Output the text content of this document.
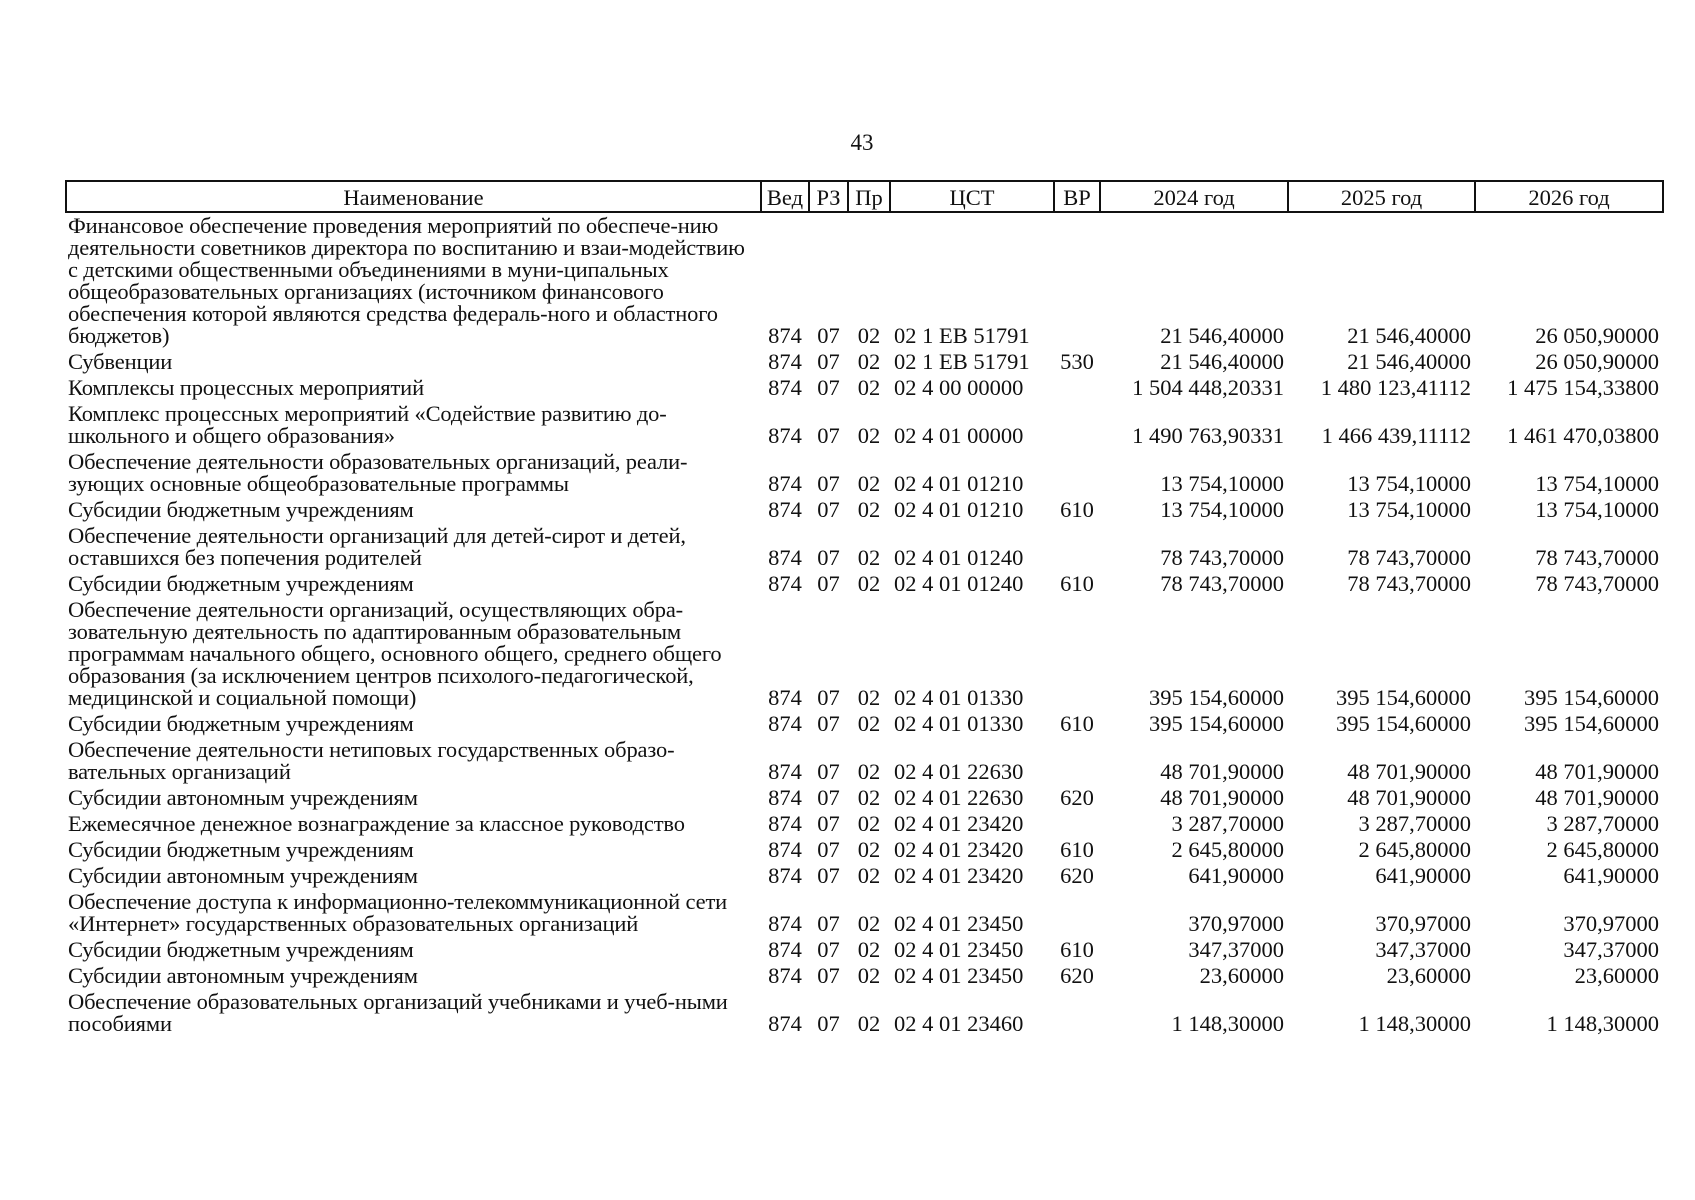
43
Наименование	Вед	РЗ	Пр	ЦСТ	ВР	2024 год	2025 год	2026 год
Финансовое обеспечение проведения мероприятий по обеспече-нию деятельности советников директора по воспитанию и взаи-модействию с детскими общественными объединениями в муни-ципальных общеобразовательных организациях (источником финансового обеспечения которой являются средства федераль-ного и областного бюджетов)	874	07	02	02 1 EВ 51791		21 546,40000	21 546,40000	26 050,90000
Субвенции	874	07	02	02 1 EВ 51791	530	21 546,40000	21 546,40000	26 050,90000
Комплексы процессных мероприятий	874	07	02	02 4 00 00000		1 504 448,20331	1 480 123,41112	1 475 154,33800
Комплекс процессных мероприятий «Содействие развитию до-школьного и общего образования»	874	07	02	02 4 01 00000		1 490 763,90331	1 466 439,11112	1 461 470,03800
Обеспечение деятельности образовательных организаций, реали-зующих основные общеобразовательные программы	874	07	02	02 4 01 01210		13 754,10000	13 754,10000	13 754,10000
Субсидии бюджетным учреждениям	874	07	02	02 4 01 01210	610	13 754,10000	13 754,10000	13 754,10000
Обеспечение деятельности организаций для детей-сирот и детей, оставшихся без попечения родителей	874	07	02	02 4 01 01240		78 743,70000	78 743,70000	78 743,70000
Субсидии бюджетным учреждениям	874	07	02	02 4 01 01240	610	78 743,70000	78 743,70000	78 743,70000
Обеспечение деятельности организаций, осуществляющих обра-зовательную деятельность по адаптированным образовательным программам начального общего, основного общего, среднего общего образования (за исключением центров психолого-педагогической, медицинской и социальной помощи)	874	07	02	02 4 01 01330		395 154,60000	395 154,60000	395 154,60000
Субсидии бюджетным учреждениям	874	07	02	02 4 01 01330	610	395 154,60000	395 154,60000	395 154,60000
Обеспечение деятельности нетиповых государственных образо-вательных организаций	874	07	02	02 4 01 22630		48 701,90000	48 701,90000	48 701,90000
Субсидии автономным учреждениям	874	07	02	02 4 01 22630	620	48 701,90000	48 701,90000	48 701,90000
Ежемесячное денежное вознаграждение за классное руководство	874	07	02	02 4 01 23420		3 287,70000	3 287,70000	3 287,70000
Субсидии бюджетным учреждениям	874	07	02	02 4 01 23420	610	2 645,80000	2 645,80000	2 645,80000
Субсидии автономным учреждениям	874	07	02	02 4 01 23420	620	641,90000	641,90000	641,90000
Обеспечение доступа к информационно-телекоммуникационной сети «Интернет» государственных образовательных организаций	874	07	02	02 4 01 23450		370,97000	370,97000	370,97000
Субсидии бюджетным учреждениям	874	07	02	02 4 01 23450	610	347,37000	347,37000	347,37000
Субсидии автономным учреждениям	874	07	02	02 4 01 23450	620	23,60000	23,60000	23,60000
Обеспечение образовательных организаций учебниками и учеб-ными пособиями	874	07	02	02 4 01 23460		1 148,30000	1 148,30000	1 148,30000
